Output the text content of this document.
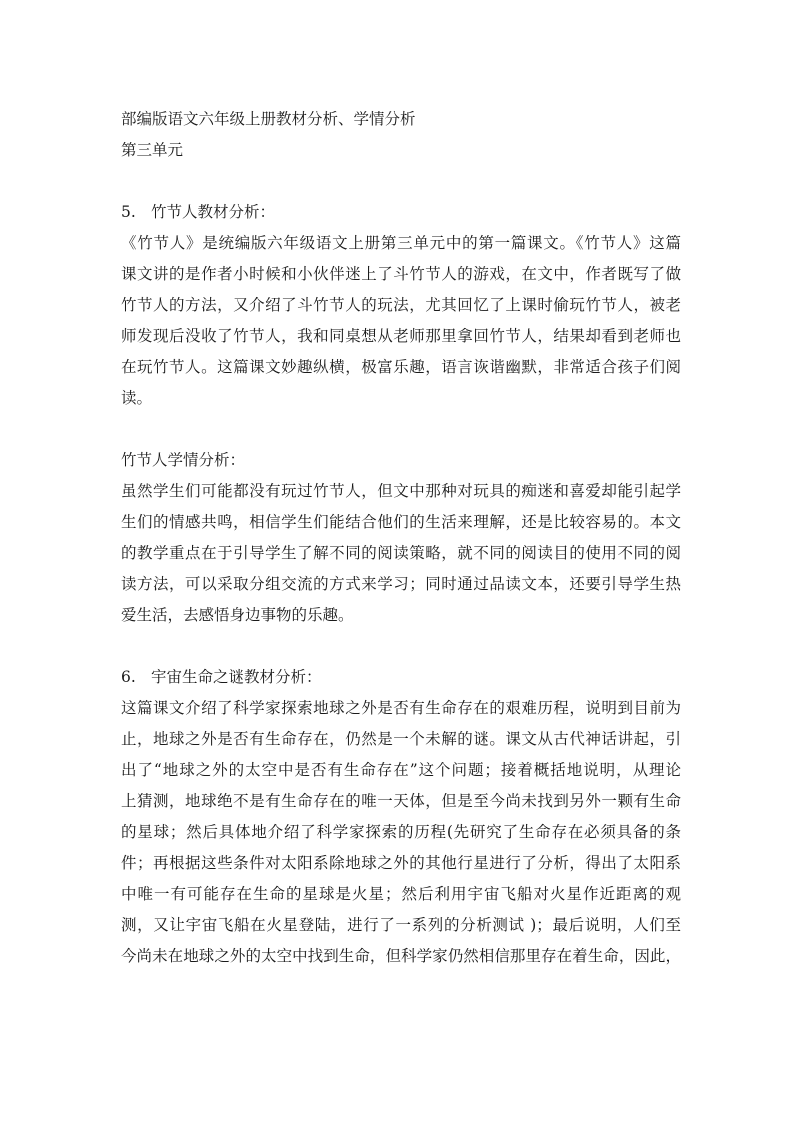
部编版语文六年级上册教材分析、学情分析
第三单元
5. 竹节人教材分析：
《竹节人》是统编版六年级语文上册第三单元中的第一篇课文。《竹节人》这篇
课文讲的是作者小时候和小伙伴迷上了斗竹节人的游戏，在文中，作者既写了做
竹节人的方法，又介绍了斗竹节人的玩法，尤其回忆了上课时偷玩竹节人，被老
师发现后没收了竹节人，我和同桌想从老师那里拿回竹节人，结果却看到老师也
在玩竹节人。这篇课文妙趣纵横，极富乐趣，语言诙谐幽默，非常适合孩子们阅
读。
竹节人学情分析：
虽然学生们可能都没有玩过竹节人，但文中那种对玩具的痴迷和喜爱却能引起学
生们的情感共鸣，相信学生们能结合他们的生活来理解，还是比较容易的。本文
的教学重点在于引导学生了解不同的阅读策略，就不同的阅读目的使用不同的阅
读方法，可以采取分组交流的方式来学习；同时通过品读文本，还要引导学生热
爱生活，去感悟身边事物的乐趣。
6. 宇宙生命之谜教材分析：
这篇课文介绍了科学家探索地球之外是否有生命存在的艰难历程，说明到目前为
止，地球之外是否有生命存在，仍然是一个未解的谜。课文从古代神话讲起，引
出了“地球之外的太空中是否有生命存在”这个问题；接着概括地说明，从理论
上猜测，地球绝不是有生命存在的唯一天体，但是至今尚未找到另外一颗有生命
的星球；然后具体地介绍了科学家探索的历程(先研究了生命存在必须具备的条
件；再根据这些条件对太阳系除地球之外的其他行星进行了分析，得出了太阳系
中唯一有可能存在生命的星球是火星；然后利用宇宙飞船对火星作近距离的观
测，又让宇宙飞船在火星登陆，进行了一系列的分析测试 )；最后说明，人们至
今尚未在地球之外的太空中找到生命，但科学家仍然相信那里存在着生命，因此，
